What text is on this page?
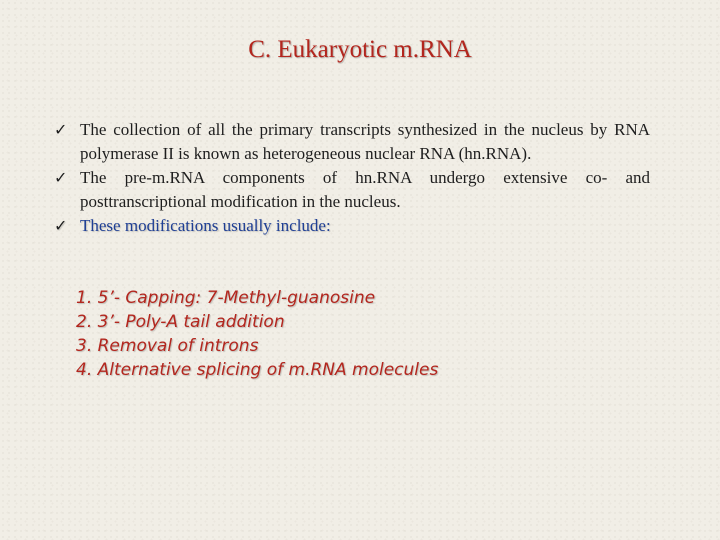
C. Eukaryotic m.RNA
✓ The collection of all the primary transcripts synthesized in the nucleus by RNA polymerase II is known as heterogeneous nuclear RNA (hn.RNA).
✓ The pre-m.RNA components of hn.RNA undergo extensive co- and posttranscriptional modification in the nucleus.
✓ These modifications usually include:
1. 5’- Capping: 7-Methyl-guanosine
2. 3’- Poly-A tail addition
3. Removal of introns
4. Alternative splicing of m.RNA molecules
